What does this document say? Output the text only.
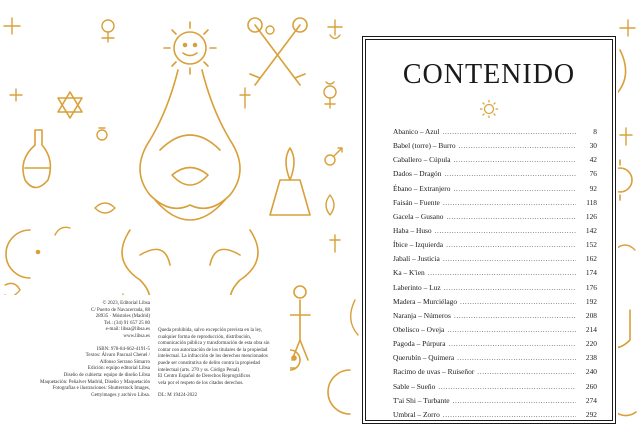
© 2023, Editorial Libsa
C/ Puerto de Navacerrada, 88
28935 · Móstoles (Madrid)
Tel.: (34) 91 657 25 80
e-mail: libsa@libsa.es
www.libsa.es
ISBN: 978-84-662-4191-5
Textos: Álvaro Pascual Chenel /
Alfonso Serrano Simarro
Edición: equipo editorial Libsa
Diseño de cubierta: equipo de diseño Libsa
Maquetación: Peñalver Madrid, Diseño y Maquetación
Fotografías e ilustraciones: Shutterstock Images,
Gettyimages y archivo Libsa.
Queda prohibida, salvo excepción prevista en la ley,
cualquier forma de reproducción, distribución,
comunicación pública y transformación de esta obra sin
contar con autorización de los titulares de la propiedad
intelectual. La infracción de los derechos mencionados
puede ser constitutiva de delito contra la propiedad
intelectual (arts. 270 y ss. Código Penal).
El Centro Español de Derechos Reprográficos
vela por el respeto de los citados derechos.
DL: M 19424-2022
CONTENIDO
Abanico – Azul .....	8
Babel (torre) – Burro .....	30
Caballero – Cúpula .....	42
Dados – Dragón .....	76
Ébano – Extranjero .....	92
Faisán – Fuente .....	118
Gacela – Gusano .....	126
Haba – Huso .....	142
Íbice – Izquierda .....	152
Jabalí – Justicia .....	162
Ka – K'ien .....	174
Laberinto – Luz .....	176
Madera – Murciélago .....	192
Naranja – Números .....	208
Obelisco – Oveja .....	214
Pagoda – Púrpura .....	220
Querubín – Quimera .....	238
Racimo de uvas – Ruiseñor .....	240
Sable – Sueño .....	260
T'ai Shi – Turbante .....	274
Umbral – Zorro .....	292
